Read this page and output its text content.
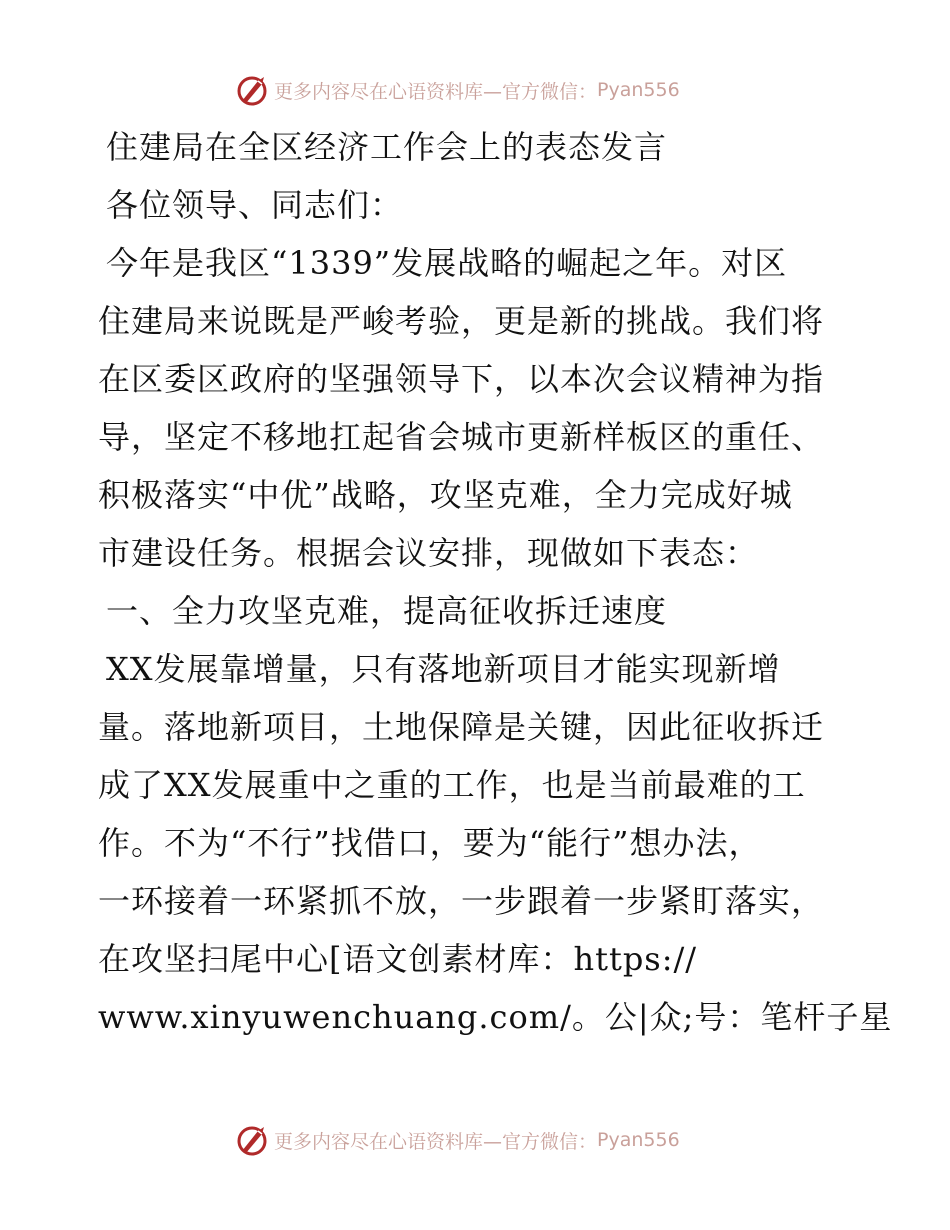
更多内容尽在心语资料库—官方微信： Pyan556
住建局在全区经济工作会上的表态发言
各位领导、同志们：
今年是我区“1339”发展战略的崛起之年。对区
住建局来说既是严峻考验，更是新的挑战。我们将
在区委区政府的坚强领导下，以本次会议精神为指
导，坚定不移地扛起省会城市更新样板区的重任、
积极落实“中优”战略，攻坚克难，全力完成好城
市建设任务。根据会议安排，现做如下表态：
一、全力攻坚克难，提高征收拆迁速度
XX发展靠增量，只有落地新项目才能实现新增
量。落地新项目，土地保障是关键，因此征收拆迁
成了XX发展重中之重的工作，也是当前最难的工
作。不为“不行”找借口，要为“能行”想办法，
一环接着一环紧抓不放，一步跟着一步紧盯落实，
在攻坚扫尾中心[语文创素材库：https://
www.xinyuwenchuang.com/。公|众;号：笔杆子星
更多内容尽在心语资料库—官方微信： Pyan556
